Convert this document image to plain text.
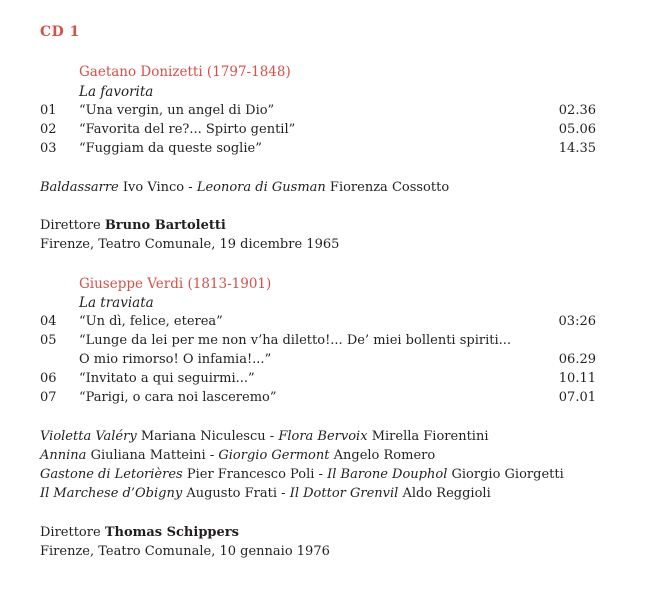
CD 1
Gaetano Donizetti (1797-1848)
La favorita
01 “Una vergin, un angel di Dio”	02.36
02 “Favorita del re?... Spirto gentil”	05.06
03 “Fuggiam da queste soglie”	14.35
Baldassarre Ivo Vinco - Leonora di Gusman Fiorenza Cossotto
Direttore Bruno Bartoletti
Firenze, Teatro Comunale, 19 dicembre 1965
Giuseppe Verdi (1813-1901)
La traviata
04 “Un dì, felice, eterea”	03:26
05 “Lunge da lei per me non v’ha diletto!... De’ miei bollenti spiriti...
O mio rimorso! O infamia!...”	06.29
06 “Invitato a qui seguirmi...”	10.11
07 “Parigi, o cara noi lasceremo”	07.01
Violetta Valéry Mariana Niculescu - Flora Bervoix Mirella Fiorentini
Annina Giuliana Matteini - Giorgio Germont Angelo Romero
Gastone di Letorières Pier Francesco Poli - Il Barone Douphol Giorgio Giorgetti
Il Marchese d’Obigny Augusto Frati - Il Dottor Grenvil Aldo Reggioli
Direttore Thomas Schippers
Firenze, Teatro Comunale, 10 gennaio 1976
